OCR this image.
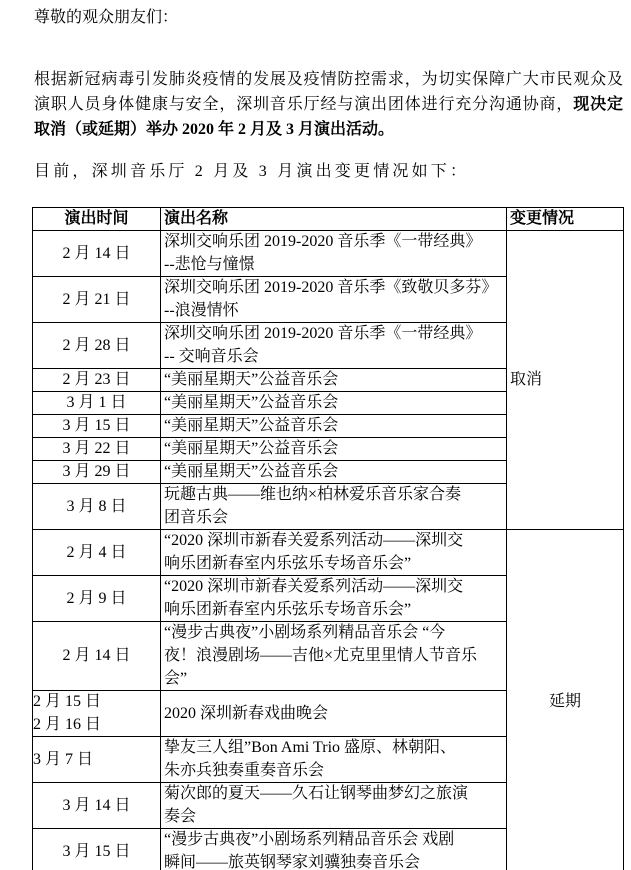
尊敬的观众朋友们：
根据新冠病毒引发肺炎疫情的发展及疫情防控需求，为切实保障广大市民观众及
演职人员身体健康与安全，深圳音乐厅经与演出团体进行充分沟通协商，现决定
取消（或延期）举办 2020 年 2 月及 3 月演出活动。
目前，深圳音乐厅 2 月及 3 月演出变更情况如下：
演出时间	演出名称	变更情况

2 月 14 日	深圳交响乐团 2019-2020 音乐季《一带经典》
--悲怆与憧憬	取消

2 月 21 日	深圳交响乐团 2019-2020 音乐季《致敬贝多芬》
--浪漫情怀	

2 月 28 日	深圳交响乐团 2019-2020 音乐季《一带经典》
-- 交响音乐会	

2 月 23 日	“美丽星期天”公益音乐会	

3 月 1 日	“美丽星期天”公益音乐会	

3 月 15 日	“美丽星期天”公益音乐会	

3 月 22 日	“美丽星期天”公益音乐会	

3 月 29 日	“美丽星期天”公益音乐会	

3 月 8 日	玩趣古典——维也纳×柏林爱乐音乐家合奏
团音乐会	

2 月 4 日	“2020 深圳市新春关爱系列活动——深圳交
响乐团新春室内乐弦乐专场音乐会”	延期

2 月 9 日	“2020 深圳市新春关爱系列活动——深圳交
响乐团新春室内乐弦乐专场音乐会”	

2 月 14 日	“漫步古典夜”小剧场系列精品音乐会 “今
夜！浪漫剧场——吉他×尤克里里情人节音乐
会”	

2 月 15 日
2 月 16 日	2020 深圳新春戏曲晚会	

3 月 7 日	挚友三人组”Bon Ami Trio 盛原、林朝阳、
朱亦兵独奏重奏音乐会	

3 月 14 日	菊次郎的夏天——久石让钢琴曲梦幻之旅演
奏会	

3 月 15 日	“漫步古典夜”小剧场系列精品音乐会 戏剧
瞬间——旅英钢琴家刘骥独奏音乐会	
